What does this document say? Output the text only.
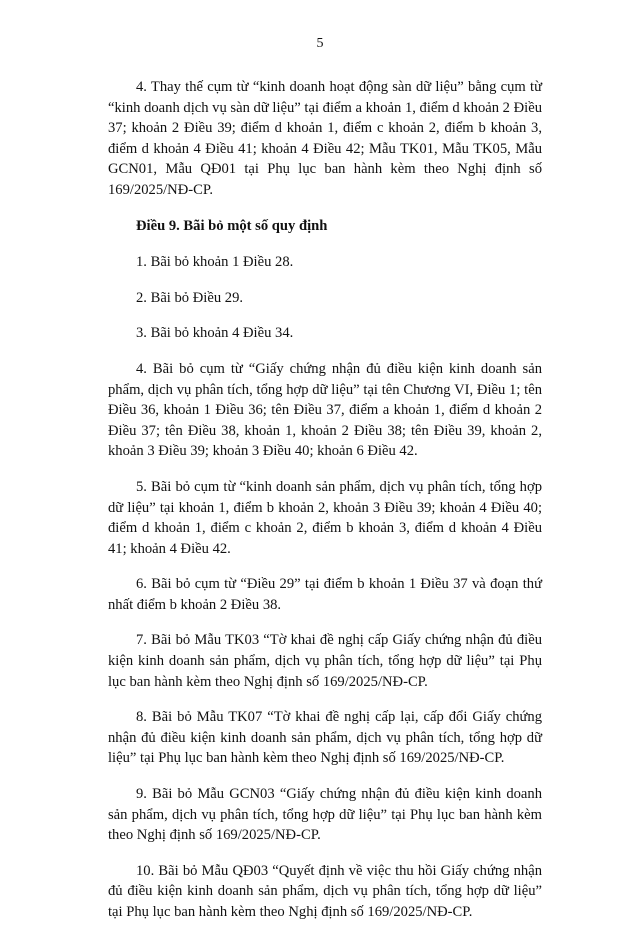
5

4. Thay thế cụm từ “kinh doanh hoạt động sàn dữ liệu” bằng cụm từ “kinh doanh dịch vụ sàn dữ liệu” tại điểm a khoản 1, điểm d khoản 2 Điều 37; khoản 2 Điều 39; điểm d khoản 1, điểm c khoản 2, điểm b khoản 3, điểm d khoản 4 Điều 41; khoản 4 Điều 42; Mẫu TK01, Mẫu TK05, Mẫu GCN01, Mẫu QĐ01 tại Phụ lục ban hành kèm theo Nghị định số 169/2025/NĐ-CP.

Điều 9. Bãi bỏ một số quy định

1. Bãi bỏ khoản 1 Điều 28.

2. Bãi bỏ Điều 29.

3. Bãi bỏ khoản 4 Điều 34.

4. Bãi bỏ cụm từ “Giấy chứng nhận đủ điều kiện kinh doanh sản phẩm, dịch vụ phân tích, tổng hợp dữ liệu” tại tên Chương VI, Điều 1; tên Điều 36, khoản 1 Điều 36; tên Điều 37, điểm a khoản 1, điểm d khoản 2 Điều 37; tên Điều 38, khoản 1, khoản 2 Điều 38; tên Điều 39, khoản 2, khoản 3 Điều 39; khoản 3 Điều 40; khoản 6 Điều 42.

5. Bãi bỏ cụm từ “kinh doanh sản phẩm, dịch vụ phân tích, tổng hợp dữ liệu” tại khoản 1, điểm b khoản 2, khoản 3 Điều 39; khoản 4 Điều 40; điểm d khoản 1, điểm c khoản 2, điểm b khoản 3, điểm d khoản 4 Điều 41; khoản 4 Điều 42.

6. Bãi bỏ cụm từ “Điều 29” tại điểm b khoản 1 Điều 37 và đoạn thứ nhất điểm b khoản 2 Điều 38.

7. Bãi bỏ Mẫu TK03 “Tờ khai đề nghị cấp Giấy chứng nhận đủ điều kiện kinh doanh sản phẩm, dịch vụ phân tích, tổng hợp dữ liệu” tại Phụ lục ban hành kèm theo Nghị định số 169/2025/NĐ-CP.

8. Bãi bỏ Mẫu TK07 “Tờ khai đề nghị cấp lại, cấp đổi Giấy chứng nhận đủ điều kiện kinh doanh sản phẩm, dịch vụ phân tích, tổng hợp dữ liệu” tại Phụ lục ban hành kèm theo Nghị định số 169/2025/NĐ-CP.

9. Bãi bỏ Mẫu GCN03 “Giấy chứng nhận đủ điều kiện kinh doanh sản phẩm, dịch vụ phân tích, tổng hợp dữ liệu” tại Phụ lục ban hành kèm theo Nghị định số 169/2025/NĐ-CP.

10. Bãi bỏ Mẫu QĐ03 “Quyết định về việc thu hồi Giấy chứng nhận đủ điều kiện kinh doanh sản phẩm, dịch vụ phân tích, tổng hợp dữ liệu” tại Phụ lục ban hành kèm theo Nghị định số 169/2025/NĐ-CP.
